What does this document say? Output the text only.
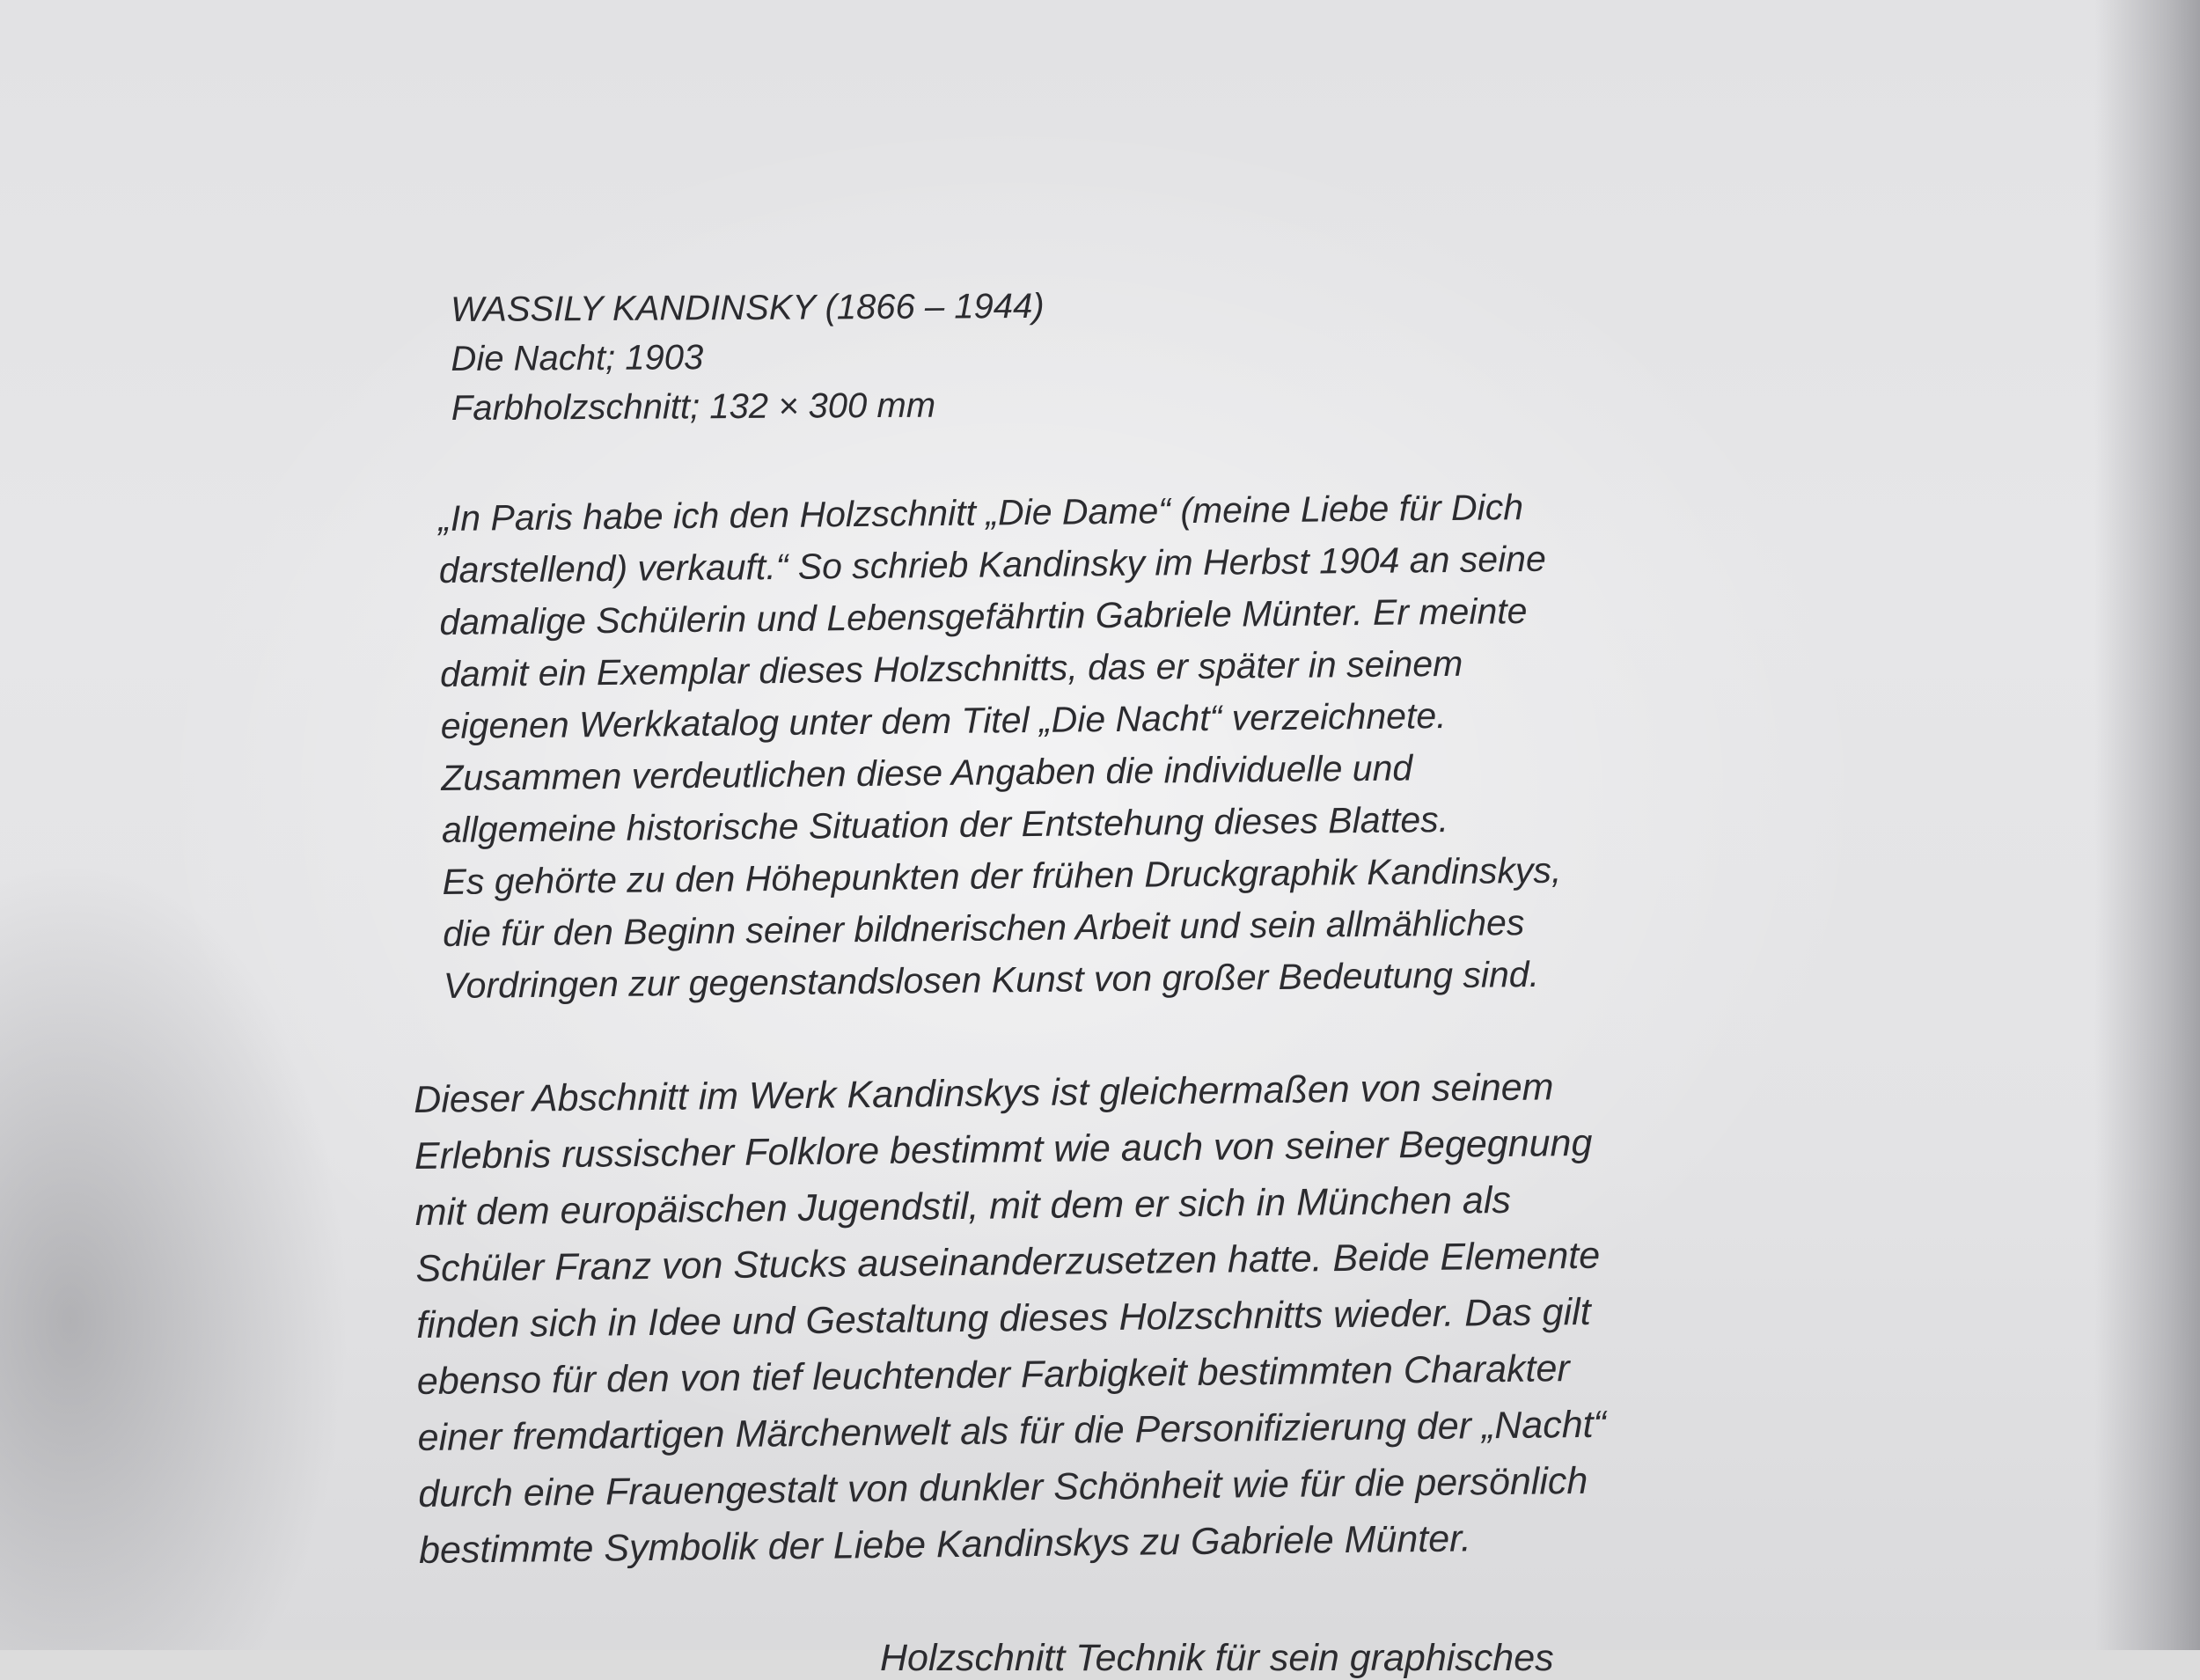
WASSILY KANDINSKY (1866 – 1944)
Die Nacht; 1903
Farbholzschnitt; 132 × 300 mm
„In Paris habe ich den Holzschnitt „Die Dame“ (meine Liebe für Dich
darstellend) verkauft.“ So schrieb Kandinsky im Herbst 1904 an seine
damalige Schülerin und Lebensgefährtin Gabriele Münter. Er meinte
damit ein Exemplar dieses Holzschnitts, das er später in seinem
eigenen Werkkatalog unter dem Titel „Die Nacht“ verzeichnete.
Zusammen verdeutlichen diese Angaben die individuelle und
allgemeine historische Situation der Entstehung dieses Blattes.
Es gehörte zu den Höhepunkten der frühen Druckgraphik Kandinskys,
die für den Beginn seiner bildnerischen Arbeit und sein allmähliches
Vordringen zur gegenstandslosen Kunst von großer Bedeutung sind.
Dieser Abschnitt im Werk Kandinskys ist gleichermaßen von seinem
Erlebnis russischer Folklore bestimmt wie auch von seiner Begegnung
mit dem europäischen Jugendstil, mit dem er sich in München als
Schüler Franz von Stucks auseinanderzusetzen hatte. Beide Elemente
finden sich in Idee und Gestaltung dieses Holzschnitts wieder. Das gilt
ebenso für den von tief leuchtender Farbigkeit bestimmten Charakter
einer fremdartigen Märchenwelt als für die Personifizierung der „Nacht“
durch eine Frauengestalt von dunkler Schönheit wie für die persönlich
bestimmte Symbolik der Liebe Kandinskys zu Gabriele Münter.
Holzschnitt Technik für sein graphisches
